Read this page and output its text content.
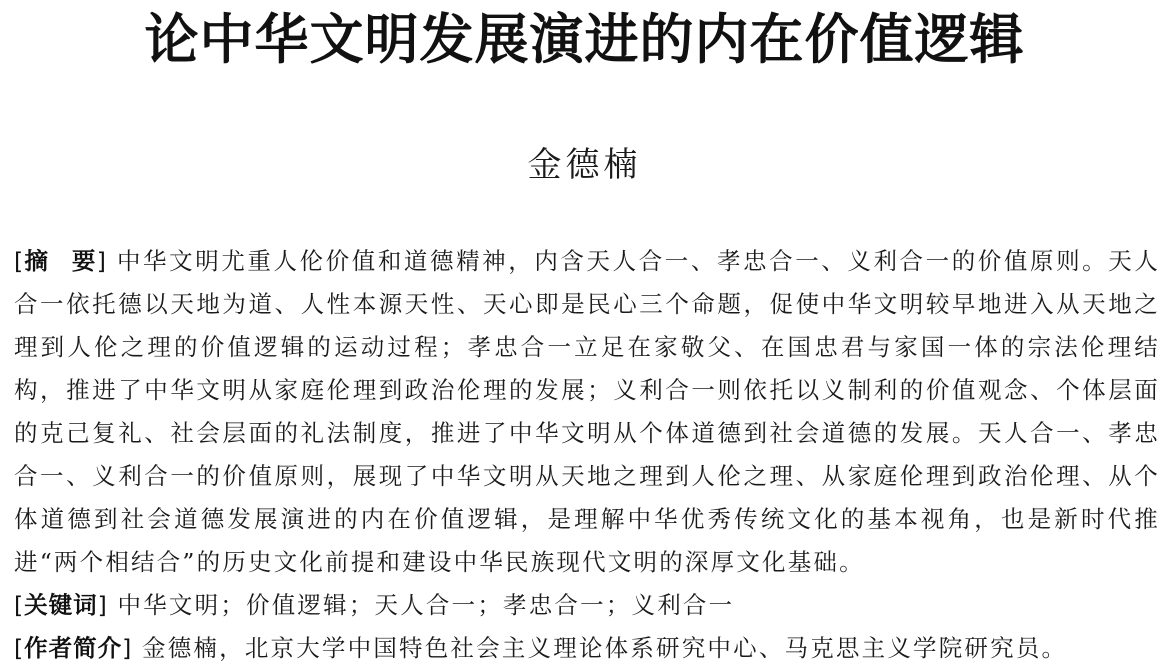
论中华文明发展演进的内在价值逻辑
金德楠

[摘 要] 中华文明尤重人伦价值和道德精神，内含天人合一、孝忠合一、义利合一的价值原则。天人合一依托德以天地为道、人性本源天性、天心即是民心三个命题，促使中华文明较早地进入从天地之理到人伦之理的价值逻辑的运动过程；孝忠合一立足在家敬父、在国忠君与家国一体的宗法伦理结构，推进了中华文明从家庭伦理到政治伦理的发展；义利合一则依托以义制利的价值观念、个体层面的克己复礼、社会层面的礼法制度，推进了中华文明从个体道德到社会道德的发展。天人合一、孝忠合一、义利合一的价值原则，展现了中华文明从天地之理到人伦之理、从家庭伦理到政治伦理、从个体道德到社会道德发展演进的内在价值逻辑，是理解中华优秀传统文化的基本视角，也是新时代推进“两个相结合”的历史文化前提和建设中华民族现代文明的深厚文化基础。

[关键词] 中华文明；价值逻辑；天人合一；孝忠合一；义利合一

[作者简介] 金德楠，北京大学中国特色社会主义理论体系研究中心、马克思主义学院研究员。
